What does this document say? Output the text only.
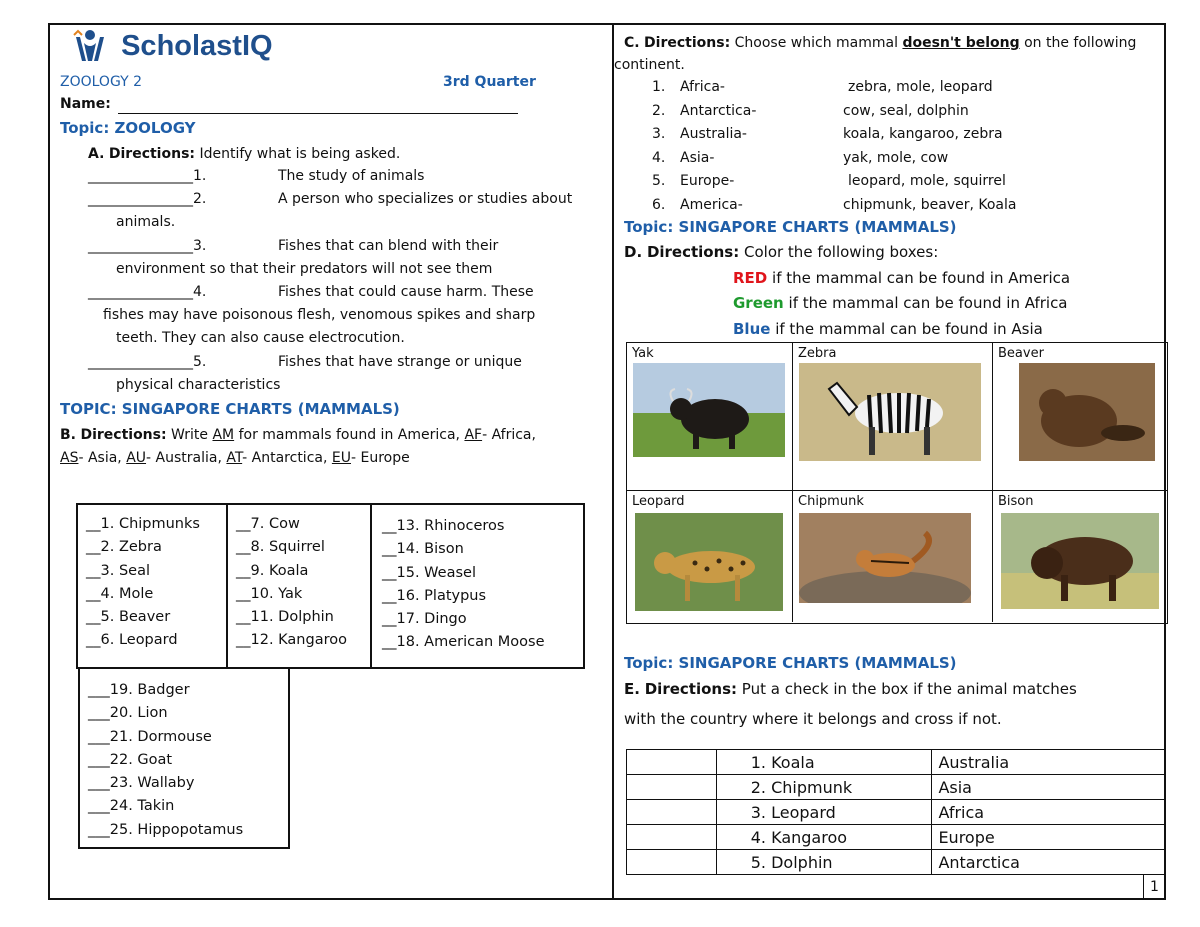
ScholastIQ
ZOOLOGY 2	3rd Quarter
Name:
Topic: ZOOLOGY
A. Directions: Identify what is being asked.
_______________1.	The study of animals
_______________2.	A person who specializes or studies about
animals.
_______________3.	Fishes that can blend with their
environment so that their predators will not see them
_______________4.	Fishes that could cause harm. These
fishes may have poisonous flesh, venomous spikes and sharp
teeth. They can also cause electrocution.
_______________5.	Fishes that have strange or unique
physical characteristics
TOPIC: SINGAPORE CHARTS (MAMMALS)
B. Directions: Write AM for mammals found in America, AF- Africa,
AS- Asia, AU- Australia, AT- Antarctica, EU- Europe
__1. Chipmunks
__2. Zebra
__3. Seal
__4. Mole
__5. Beaver
__6. Leopard
__7. Cow
__8. Squirrel
__9. Koala
__10. Yak
__11. Dolphin
__12. Kangaroo
__13. Rhinoceros
__14. Bison
__15. Weasel
__16. Platypus
__17. Dingo
__18. American Moose
___19. Badger
___20. Lion
___21. Dormouse
___22. Goat
___23. Wallaby
___24. Takin
___25. Hippopotamus
C. Directions: Choose which mammal doesn't belong on the following
continent.
1. Africa-	zebra, mole, leopard
2. Antarctica-	cow, seal, dolphin
3. Australia-	koala, kangaroo, zebra
4. Asia-	yak, mole, cow
5. Europe-	leopard, mole, squirrel
6. America-	chipmunk, beaver, Koala
Topic: SINGAPORE CHARTS (MAMMALS)
D. Directions: Color the following boxes:
RED if the mammal can be found in America
Green if the mammal can be found in Africa
Blue if the mammal can be found in Asia
Yak	Zebra	Beaver
Leopard	Chipmunk	Bison
Topic: SINGAPORE CHARTS (MAMMALS)
E. Directions: Put a check in the box if the animal matches
with the country where it belongs and cross if not.
	1. Koala	Australia
	2. Chipmunk	Asia
	3. Leopard	Africa
	4. Kangaroo	Europe
	5. Dolphin	Antarctica
1
